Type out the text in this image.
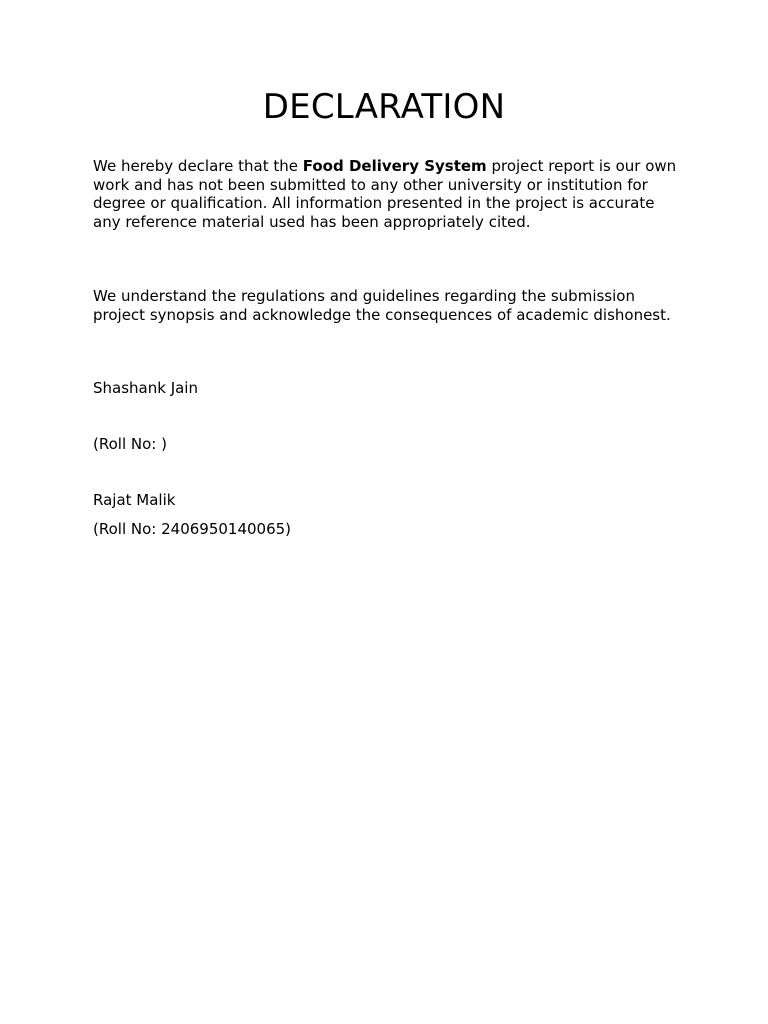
DECLARATION

We hereby declare that the Food Delivery System project report is our own work and has not been submitted to any other university or institution for degree or qualification. All information presented in the project is accurate any reference material used has been appropriately cited.

We understand the regulations and guidelines regarding the submission project synopsis and acknowledge the consequences of academic dishonest.

Shashank Jain

(Roll No: )

Rajat Malik

(Roll No: 2406950140065)
